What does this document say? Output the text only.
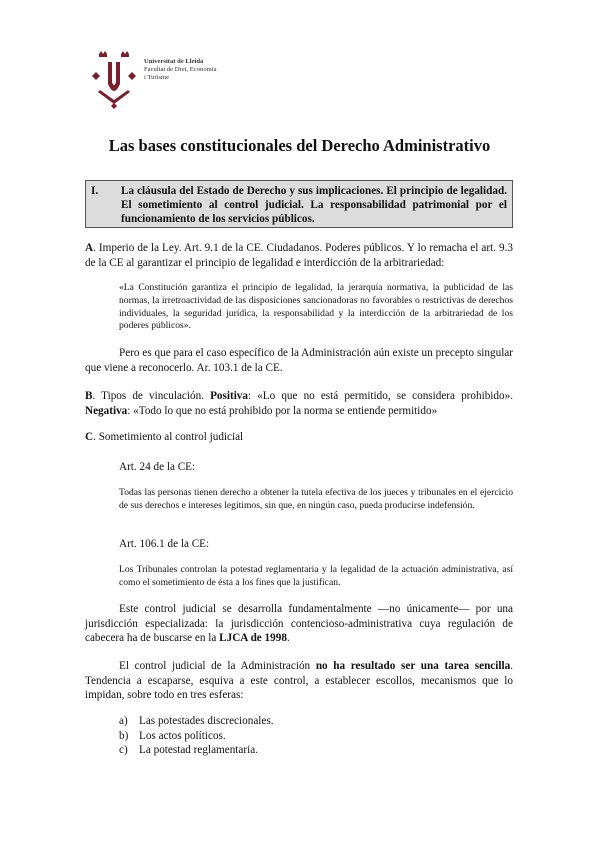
Universitat de Lleida
Facultat de Dret, Economia
i Turisme
Las bases constitucionales del Derecho Administrativo
I. La cláusula del Estado de Derecho y sus implicaciones. El principio de legalidad. El sometimiento al control judicial. La responsabilidad patrimonial por el funcionamiento de los servicios públicos.
A. Imperio de la Ley. Art. 9.1 de la CE. Ciudadanos. Poderes públicos. Y lo remacha el art. 9.3 de la CE al garantizar el principio de legalidad e interdicción de la arbitrariedad:
«La Constitución garantiza el principio de legalidad, la jerarquía normativa, la publicidad de las normas, la irretroactividad de las disposiciones sancionadoras no favorables o restrictivas de derechos individuales, la seguridad jurídica, la responsabilidad y la interdicción de la arbitrariedad de los poderes públicos».
Pero es que para el caso específico de la Administración aún existe un precepto singular que viene a reconocerlo. Ar. 103.1 de la CE.
B. Tipos de vinculación. Positiva: «Lo que no está permitido, se considera prohibido». Negativa: «Todo lo que no está prohibido por la norma se entiende permitido»
C. Sometimiento al control judicial
Art. 24 de la CE:
Todas las personas tienen derecho a obtener la tutela efectiva de los jueces y tribunales en el ejercicio de sus derechos e intereses legítimos, sin que, en ningún caso, pueda producirse indefensión.
Art. 106.1 de la CE:
Los Tribunales controlan la potestad reglamentaria y la legalidad de la actuación administrativa, así como el sometimiento de ésta a los fines que la justifican.
Este control judicial se desarrolla fundamentalmente —no únicamente— por una jurisdicción especializada: la jurisdicción contencioso-administrativa cuya regulación de cabecera ha de buscarse en la LJCA de 1998.
El control judicial de la Administración no ha resultado ser una tarea sencilla. Tendencia a escaparse, esquiva a este control, a establecer escollos, mecanismos que lo impidan, sobre todo en tres esferas:
a) Las potestades discrecionales.
b) Los actos políticos.
c) La potestad reglamentaria.
